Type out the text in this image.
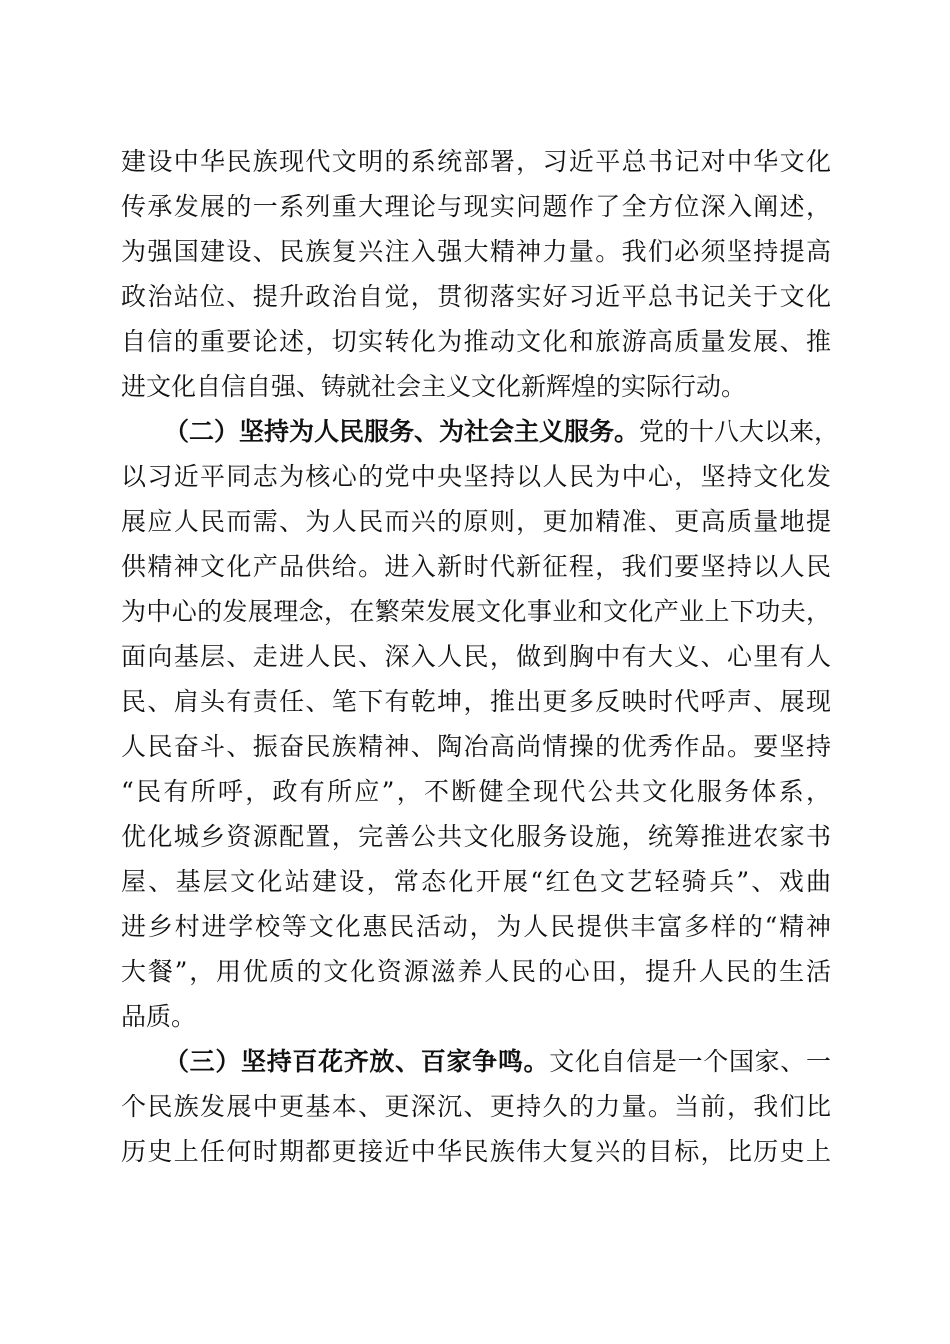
建设中华民族现代文明的系统部署，习近平总书记对中华文化
传承发展的一系列重大理论与现实问题作了全方位深入阐述，
为强国建设、民族复兴注入强大精神力量。我们必须坚持提高
政治站位、提升政治自觉，贯彻落实好习近平总书记关于文化
自信的重要论述，切实转化为推动文化和旅游高质量发展、推
进文化自信自强、铸就社会主义文化新辉煌的实际行动。
（二）坚持为人民服务、为社会主义服务。党的十八大以来，
以习近平同志为核心的党中央坚持以人民为中心，坚持文化发
展应人民而需、为人民而兴的原则，更加精准、更高质量地提
供精神文化产品供给。进入新时代新征程，我们要坚持以人民
为中心的发展理念，在繁荣发展文化事业和文化产业上下功夫，
面向基层、走进人民、深入人民，做到胸中有大义、心里有人
民、肩头有责任、笔下有乾坤，推出更多反映时代呼声、展现
人民奋斗、振奋民族精神、陶冶高尚情操的优秀作品。要坚持
“民有所呼，政有所应”，不断健全现代公共文化服务体系，
优化城乡资源配置，完善公共文化服务设施，统筹推进农家书
屋、基层文化站建设，常态化开展“红色文艺轻骑兵”、戏曲
进乡村进学校等文化惠民活动，为人民提供丰富多样的“精神
大餐”，用优质的文化资源滋养人民的心田，提升人民的生活
品质。
（三）坚持百花齐放、百家争鸣。文化自信是一个国家、一
个民族发展中更基本、更深沉、更持久的力量。当前，我们比
历史上任何时期都更接近中华民族伟大复兴的目标，比历史上
